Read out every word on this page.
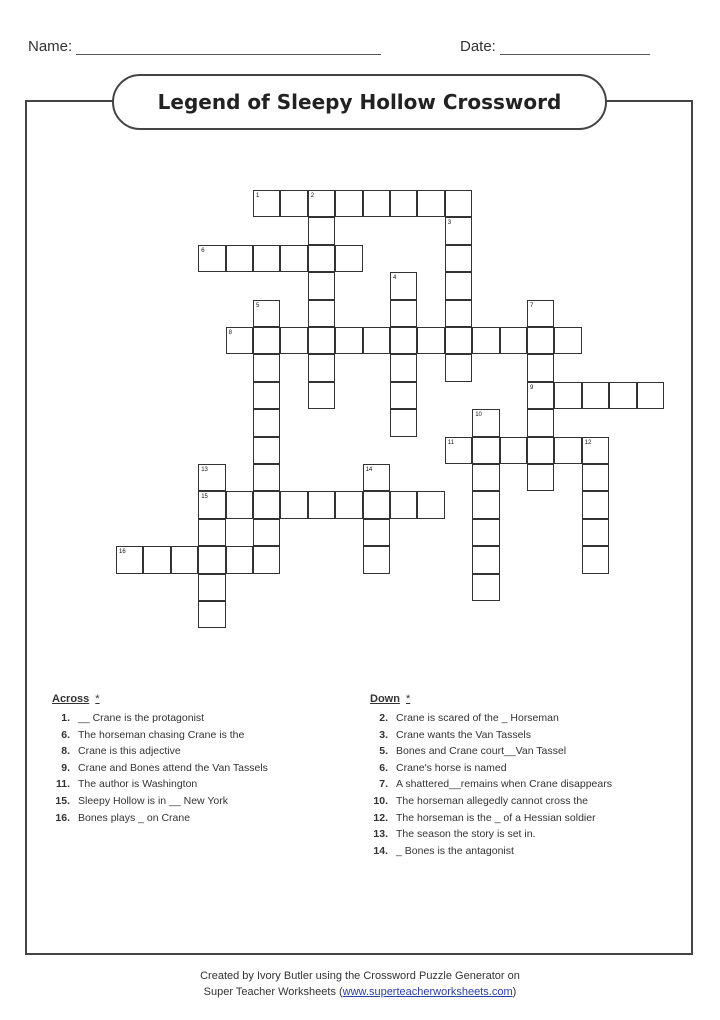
Name:	Date:
Legend of Sleepy Hollow Crossword
1	2
3
6
4
5	7
8
9
10
11	12
13	14
15
16
Across *
1. __ Crane is the protagonist
6. The horseman chasing Crane is the
8. Crane is this adjective
9. Crane and Bones attend the Van Tassels
11. The author is Washington
15. Sleepy Hollow is in __ New York
16. Bones plays _ on Crane
Down *
2. Crane is scared of the _ Horseman
3. Crane wants the Van Tassels
5. Bones and Crane court__Van Tassel
6. Crane's horse is named
7. A shattered__remains when Crane disappears
10. The horseman allegedly cannot cross the
12. The horseman is the _ of a Hessian soldier
13. The season the story is set in.
14. _ Bones is the antagonist
Created by Ivory Butler using the Crossword Puzzle Generator on
Super Teacher Worksheets (www.superteacherworksheets.com)
